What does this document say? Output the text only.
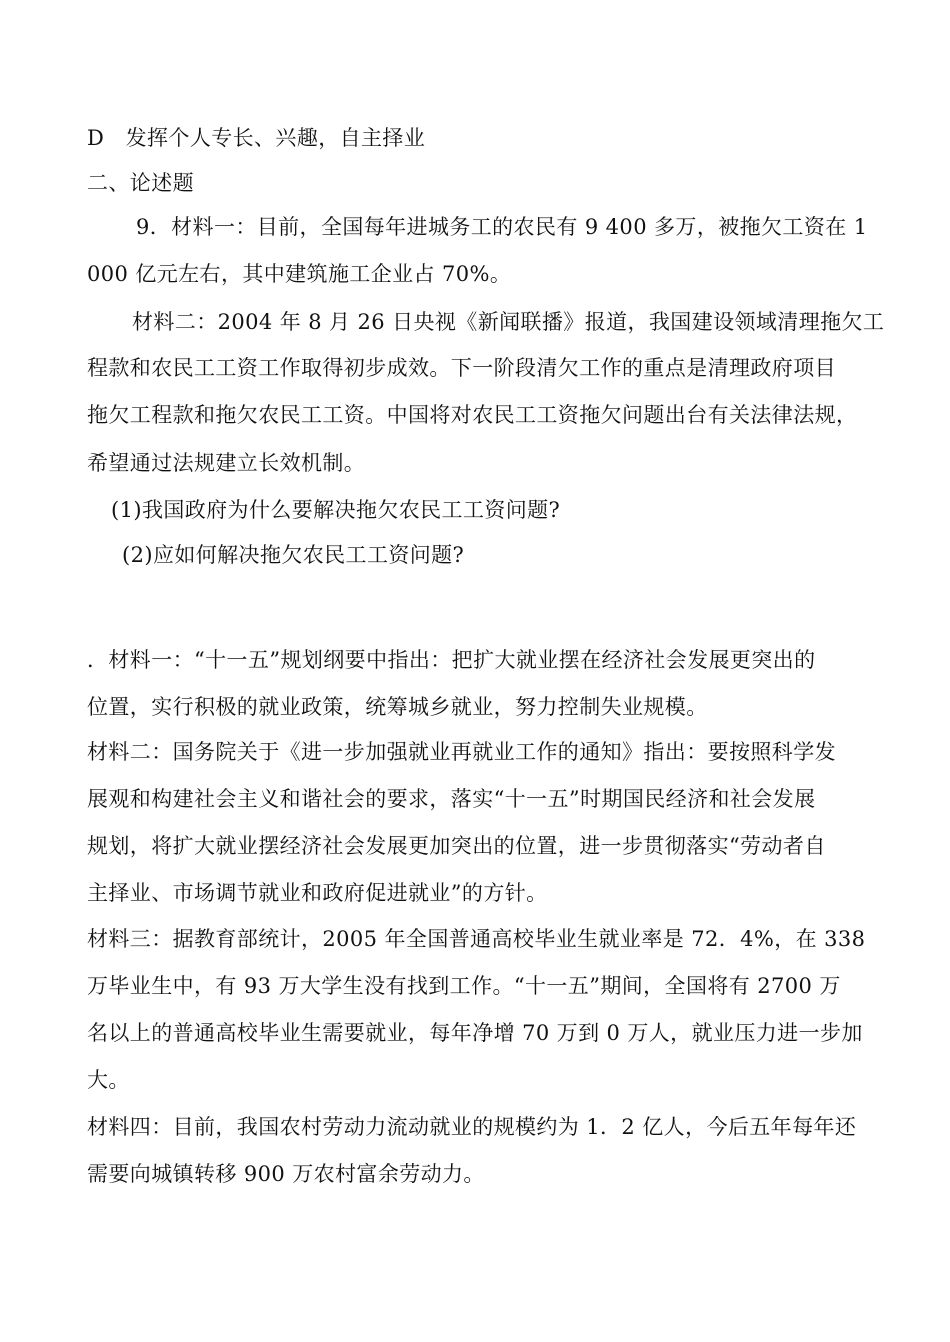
D　发挥个人专长、兴趣，自主择业
二、论述题
9．材料一：目前，全国每年进城务工的农民有 9 400 多万，被拖欠工资在 1
000 亿元左右，其中建筑施工企业占 70%。
材料二：2004 年 8 月 26 日央视《新闻联播》报道，我国建设领域清理拖欠工
程款和农民工工资工作取得初步成效。下一阶段清欠工作的重点是清理政府项目
拖欠工程款和拖欠农民工工资。中国将对农民工工资拖欠问题出台有关法律法规，
希望通过法规建立长效机制。
(1)我国政府为什么要解决拖欠农民工工资问题?
(2)应如何解决拖欠农民工工资问题?
．材料一：“十一五”规划纲要中指出：把扩大就业摆在经济社会发展更突出的
位置，实行积极的就业政策，统筹城乡就业，努力控制失业规模。
材料二：国务院关于《进一步加强就业再就业工作的通知》指出：要按照科学发
展观和构建社会主义和谐社会的要求，落实“十一五”时期国民经济和社会发展
规划，将扩大就业摆经济社会发展更加突出的位置，进一步贯彻落实“劳动者自
主择业、市场调节就业和政府促进就业”的方针。
材料三：据教育部统计，2005 年全国普通高校毕业生就业率是 72．4%，在 338
万毕业生中，有 93 万大学生没有找到工作。“十一五”期间，全国将有 2700 万
名以上的普通高校毕业生需要就业，每年净增 70 万到 0 万人，就业压力进一步加
大。
材料四：目前，我国农村劳动力流动就业的规模约为 1．2 亿人，今后五年每年还
需要向城镇转移 900 万农村富余劳动力。
